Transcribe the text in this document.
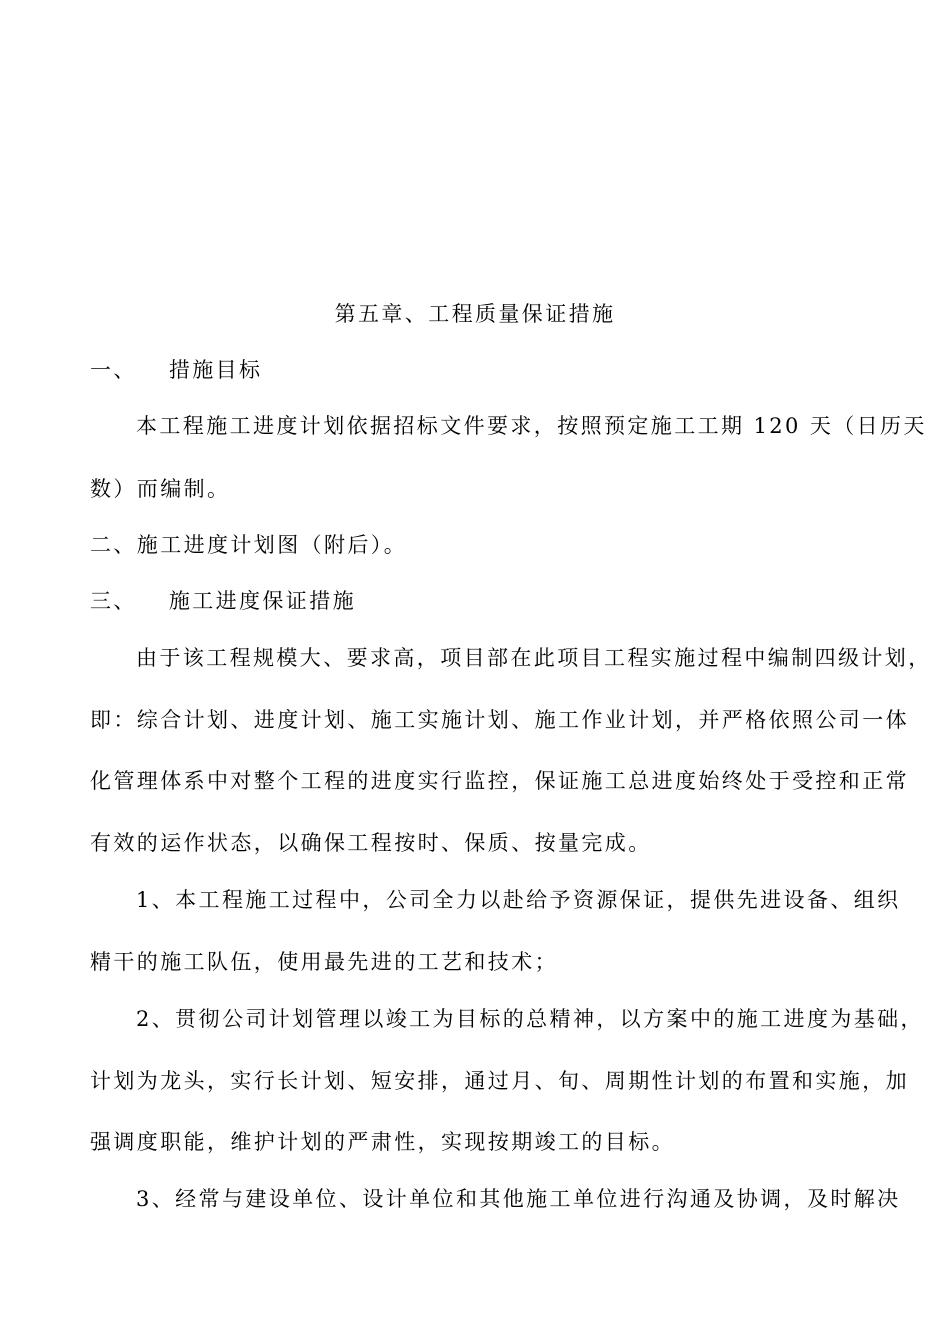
第五章、工程质量保证措施
一、 措施目标
本工程施工进度计划依据招标文件要求，按照预定施工工期 120 天（日历天
数）而编制。
二、施工进度计划图（附后）。
三、 施工进度保证措施
由于该工程规模大、要求高，项目部在此项目工程实施过程中编制四级计划，
即：综合计划、进度计划、施工实施计划、施工作业计划，并严格依照公司一体
化管理体系中对整个工程的进度实行监控，保证施工总进度始终处于受控和正常
有效的运作状态，以确保工程按时、保质、按量完成。
1、本工程施工过程中，公司全力以赴给予资源保证，提供先进设备、组织
精干的施工队伍，使用最先进的工艺和技术；
2、贯彻公司计划管理以竣工为目标的总精神，以方案中的施工进度为基础，
计划为龙头，实行长计划、短安排，通过月、旬、周期性计划的布置和实施，加
强调度职能，维护计划的严肃性，实现按期竣工的目标。
3、经常与建设单位、设计单位和其他施工单位进行沟通及协调，及时解决
